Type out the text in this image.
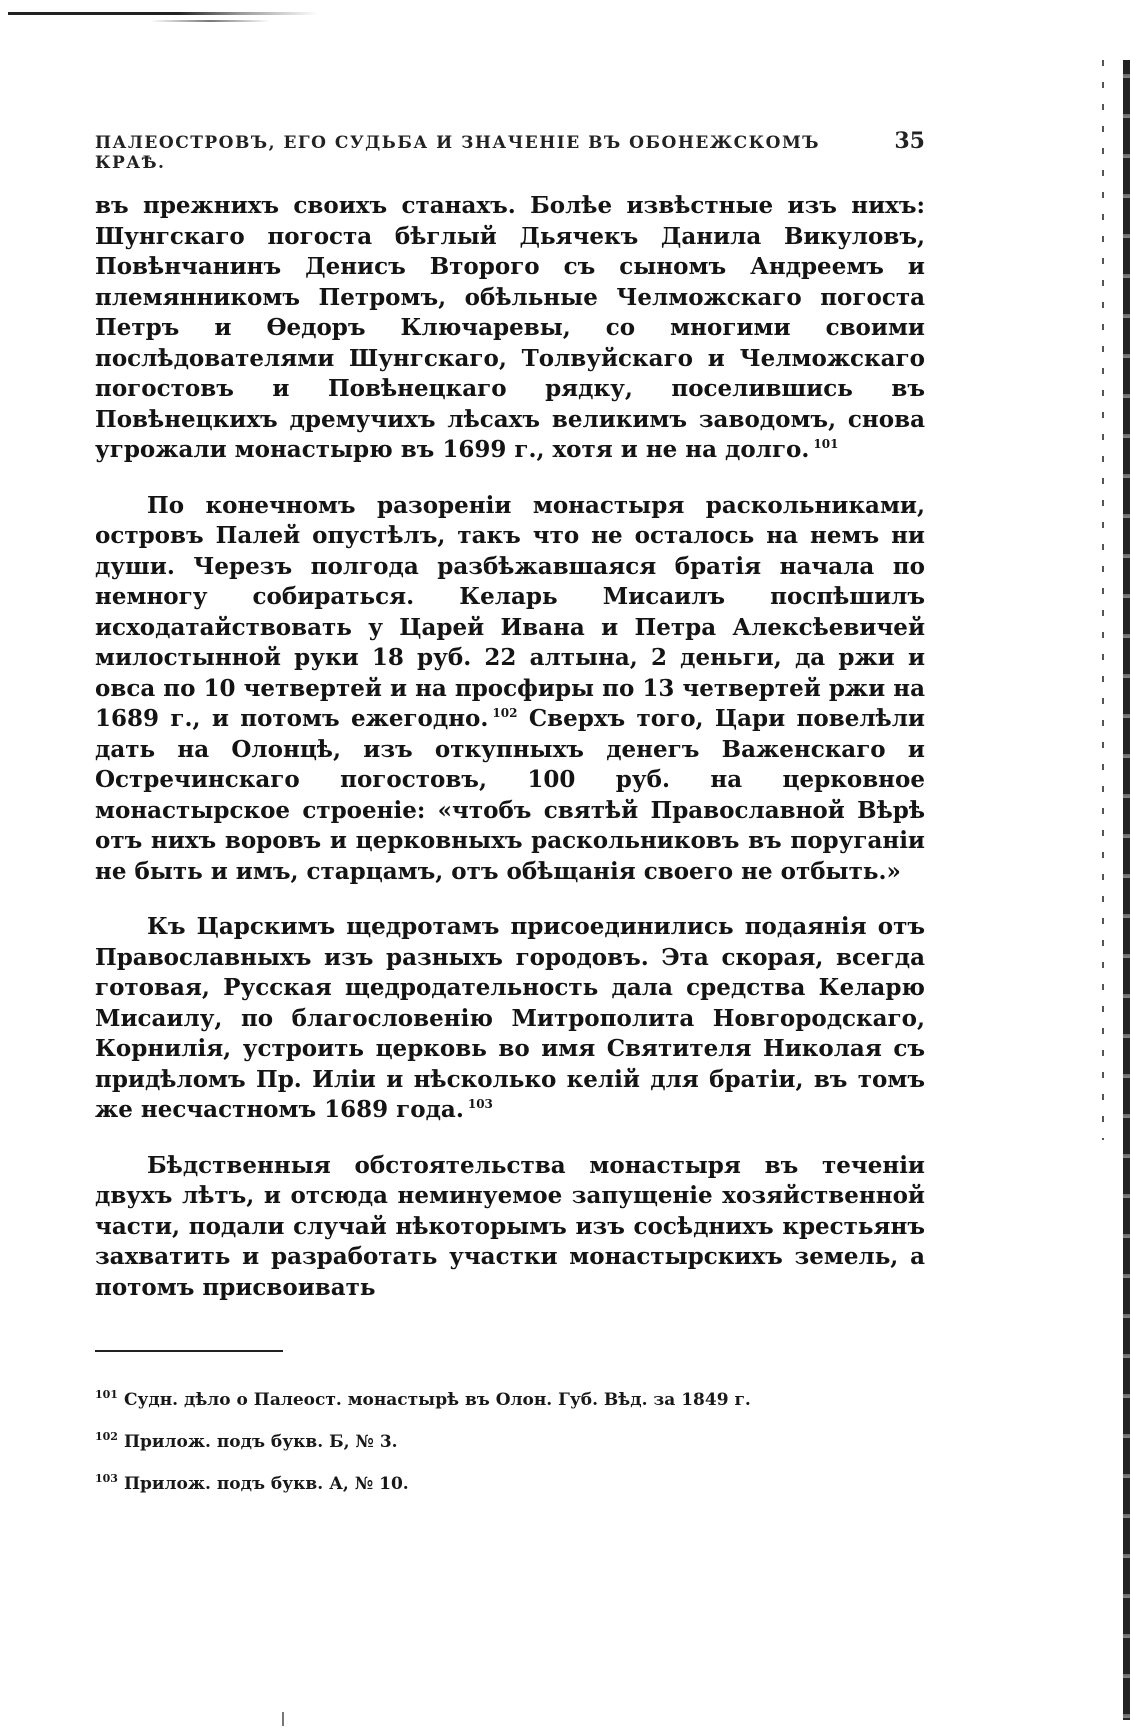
ПАЛЕОСТРОВЪ, ЕГО СУДЬБА И ЗНАЧЕНІЕ ВЪ ОБОНЕЖСКОМЪ КРАѢ.
35

въ прежнихъ своихъ станахъ. Болѣе извѣстные изъ нихъ: Шунгскаго погоста бѣглый Дьячекъ Данила Викуловъ, Повѣнчанинъ Денисъ Второго съ сыномъ Андреемъ и племянникомъ Петромъ, обѣльные Челможскаго погоста Петръ и Ѳедоръ Ключаревы, со многими своими послѣдователями Шунгскаго, Толвуйскаго и Челможскаго погостовъ и Повѣнецкаго рядку, поселившись въ Повѣнецкихъ дремучихъ лѣсахъ великимъ заводомъ, снова угрожали монастырю въ 1699 г., хотя и не на долго. $^{101}$

По конечномъ разореніи монастыря раскольниками, островъ Палей опустѣлъ, такъ что не осталось на немъ ни души. Черезъ полгода разбѣжавшаяся братія начала по немногу собираться. Келарь Мисаилъ поспѣшилъ исходатайствовать у Царей Ивана и Петра Алексѣевичей милостынной руки 18 руб. 22 алтына, 2 деньги, да ржи и овса по 10 четвертей и на просфиры по 13 четвертей ржи на 1689 г., и потомъ ежегодно. $^{102}$ Сверхъ того, Цари повелѣли дать на Олонцѣ, изъ откупныхъ денегъ Важенскаго и Остречинскаго погостовъ, 100 руб. на церковное монастырское строеніе: «чтобъ святѣй Православной Вѣрѣ отъ нихъ воровъ и церковныхъ раскольниковъ въ поруганіи не быть и имъ, старцамъ, отъ обѣщанія своего не отбыть.»

Къ Царскимъ щедротамъ присоединились подаянія отъ Православныхъ изъ разныхъ городовъ. Эта скорая, всегда готовая, Русская щедродательность дала средства Келарю Мисаилу, по благословенію Митрополита Новгородскаго, Корнилія, устроить церковь во имя Святителя Николая съ придѣломъ Пр. Иліи и нѣсколько келій для братіи, въ томъ же несчастномъ 1689 года. $^{103}$

Бѣдственныя обстоятельства монастыря въ теченіи двухъ лѣтъ, и отсюда неминуемое запущеніе хозяйственной части, подали случай нѣкоторымъ изъ сосѣднихъ крестьянъ захватить и разработать участки монастырскихъ земель, а потомъ присвоивать

$^{101}$ Судн. дѣло о Палеост. монастырѣ въ Олон. Губ. Вѣд. за 1849 г.

$^{102}$ Прилож. подъ букв. Б, № 3.

$^{103}$ Прилож. подъ букв. А, № 10.
